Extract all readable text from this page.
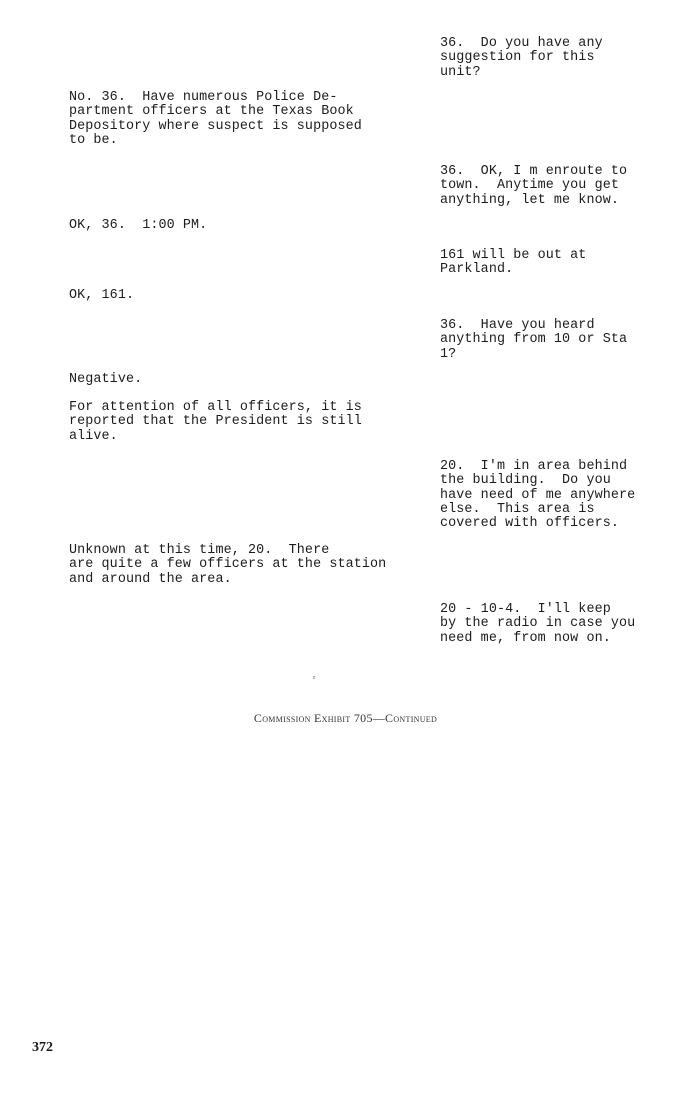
36.  Do you have any
suggestion for this
unit?
No. 36.  Have numerous Police De-
partment officers at the Texas Book
Depository where suspect is supposed
to be.
36.  OK, I m enroute to
town.  Anytime you get
anything, let me know.
OK, 36.  1:00 PM.
161 will be out at
Parkland.
OK, 161.
36.  Have you heard
anything from 10 or Sta
1?
Negative.
For attention of all officers, it is
reported that the President is still
alive.
20.  I'm in area behind
the building.  Do you
have need of me anywhere
else.  This area is
covered with officers.
Unknown at this time, 20.  There
are quite a few officers at the station
and around the area.
20 - 10-4.  I'll keep
by the radio in case you
need me, from now on.
ʳ
Commission Exhibit 705—Continued
372
